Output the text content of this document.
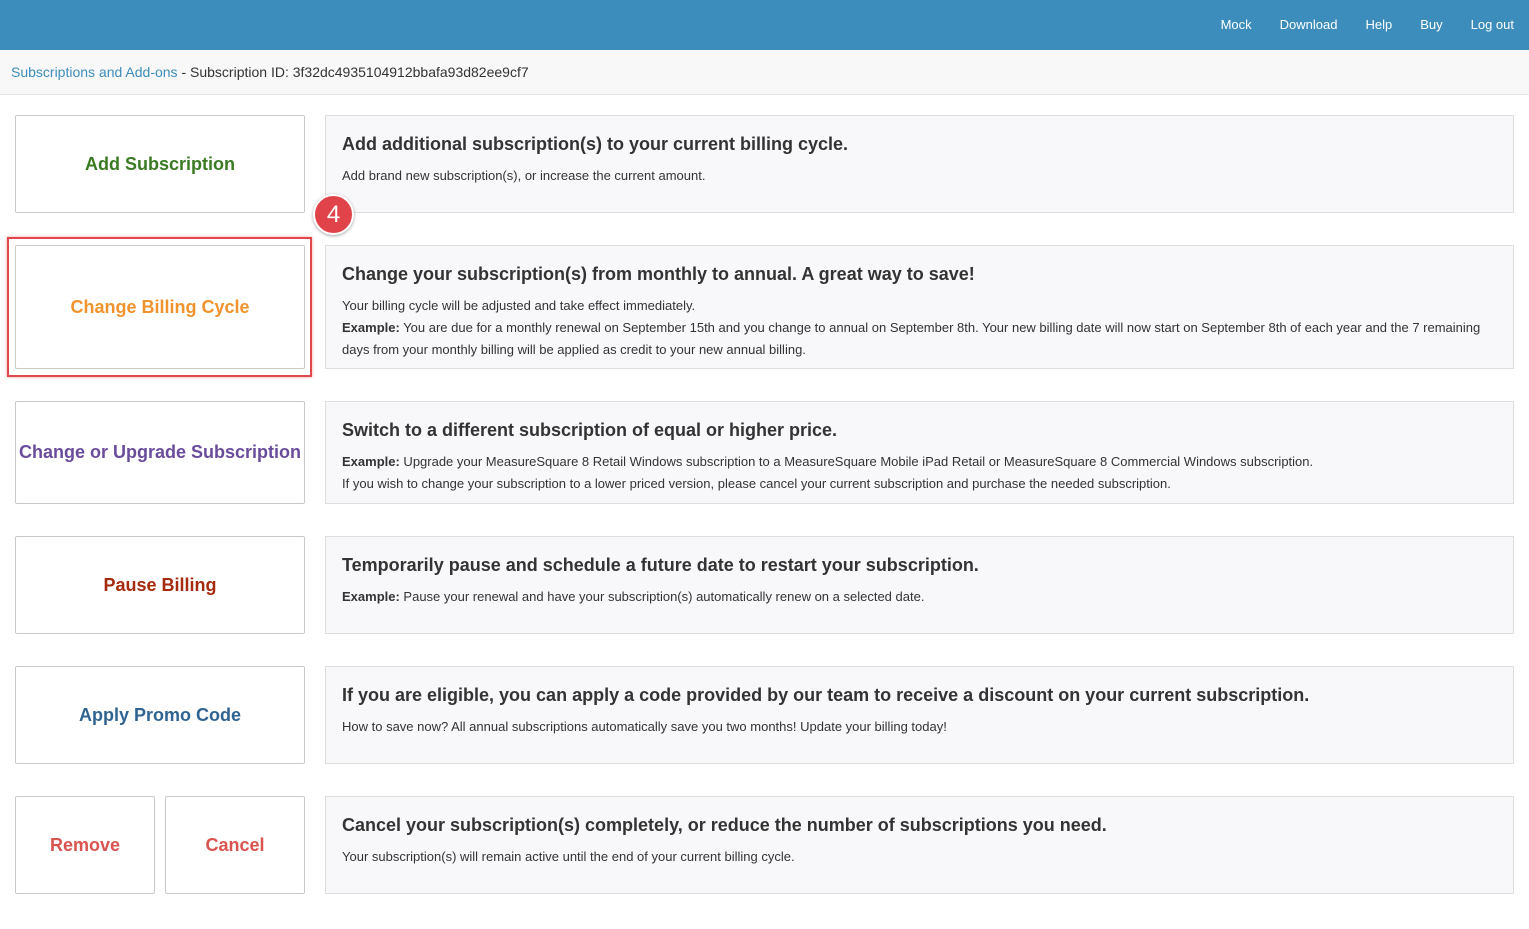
Mock	Download	Help	Buy	Log out
Subscriptions and Add-ons - Subscription ID: 3f32dc4935104912bbafa93d82ee9cf7
Add Subscription
Add additional subscription(s) to your current billing cycle.

Add brand new subscription(s), or increase the current amount.

Change Billing Cycle
Change your subscription(s) from monthly to annual. A great way to save!

Your billing cycle will be adjusted and take effect immediately.

Example: You are due for a monthly renewal on September 15th and you change to annual on September 8th. Your new billing date will now start on September 8th of each year and the 7 remaining days from your monthly billing will be applied as credit to your new annual billing.

Change or Upgrade Subscription
Switch to a different subscription of equal or higher price.

Example: Upgrade your MeasureSquare 8 Retail Windows subscription to a MeasureSquare Mobile iPad Retail or MeasureSquare 8 Commercial Windows subscription.

If you wish to change your subscription to a lower priced version, please cancel your current subscription and purchase the needed subscription.

Pause Billing
Temporarily pause and schedule a future date to restart your subscription.

Example: Pause your renewal and have your subscription(s) automatically renew on a selected date.

Apply Promo Code
If you are eligible, you can apply a code provided by our team to receive a discount on your current subscription.

How to save now? All annual subscriptions automatically save you two months! Update your billing today!

Remove	Cancel
Cancel your subscription(s) completely, or reduce the number of subscriptions you need.

Your subscription(s) will remain active until the end of your current billing cycle.

4
